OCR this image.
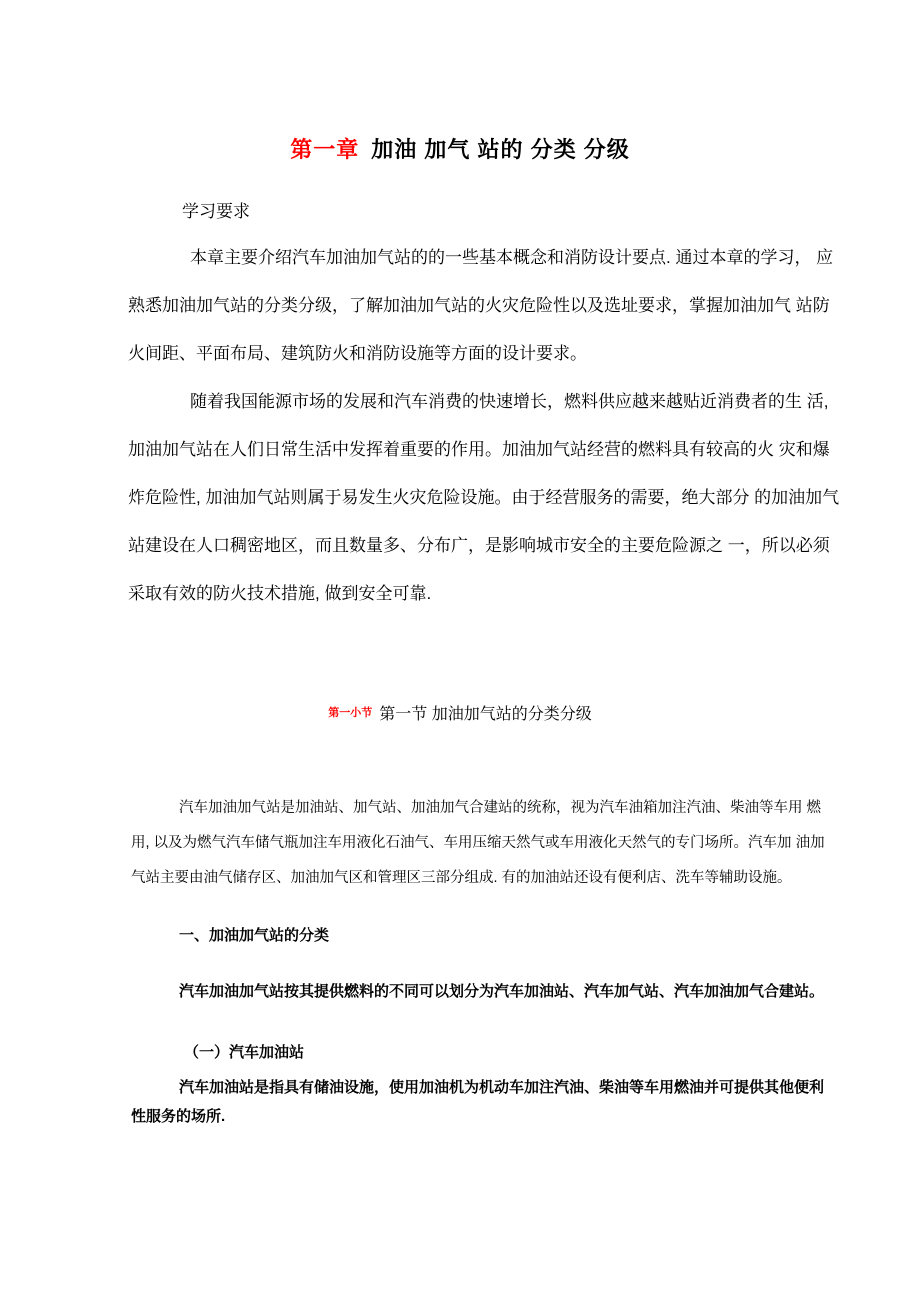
第一章 加油 加气 站的 分类 分级
学习要求
本章主要介绍汽车加油加气站的的一些基本概念和消防设计要点. 通过本章的学习， 应
熟悉加油加气站的分类分级，了解加油加气站的火灾危险性以及选址要求，掌握加油加气 站防
火间距、平面布局、建筑防火和消防设施等方面的设计要求。
随着我国能源市场的发展和汽车消费的快速增长，燃料供应越来越贴近消费者的生 活,
加油加气站在人们日常生活中发挥着重要的作用。加油加气站经营的燃料具有较高的火 灾和爆
炸危险性, 加油加气站则属于易发生火灾危险设施。由于经营服务的需要，绝大部分 的加油加气
站建设在人口稠密地区，而且数量多、分布广，是影响城市安全的主要危险源之 一，所以必须
采取有效的防火技术措施, 做到安全可靠.
第一小节 第一节 加油加气站的分类分级
汽车加油加气站是加油站、加气站、加油加气合建站的统称，视为汽车油箱加注汽油、柴油等车用 燃
用, 以及为燃气汽车储气瓶加注车用液化石油气、车用压缩天然气或车用液化天然气的专门场所。汽车加 油加
气站主要由油气储存区、加油加气区和管理区三部分组成. 有的加油站还设有便利店、洗车等辅助设施。
一、加油加气站的分类
汽车加油加气站按其提供燃料的不同可以划分为汽车加油站、汽车加气站、汽车加油加气合建站。
（一）汽车加油站
汽车加油站是指具有储油设施，使用加油机为机动车加注汽油、柴油等车用燃油并可提供其他便利
性服务的场所.
